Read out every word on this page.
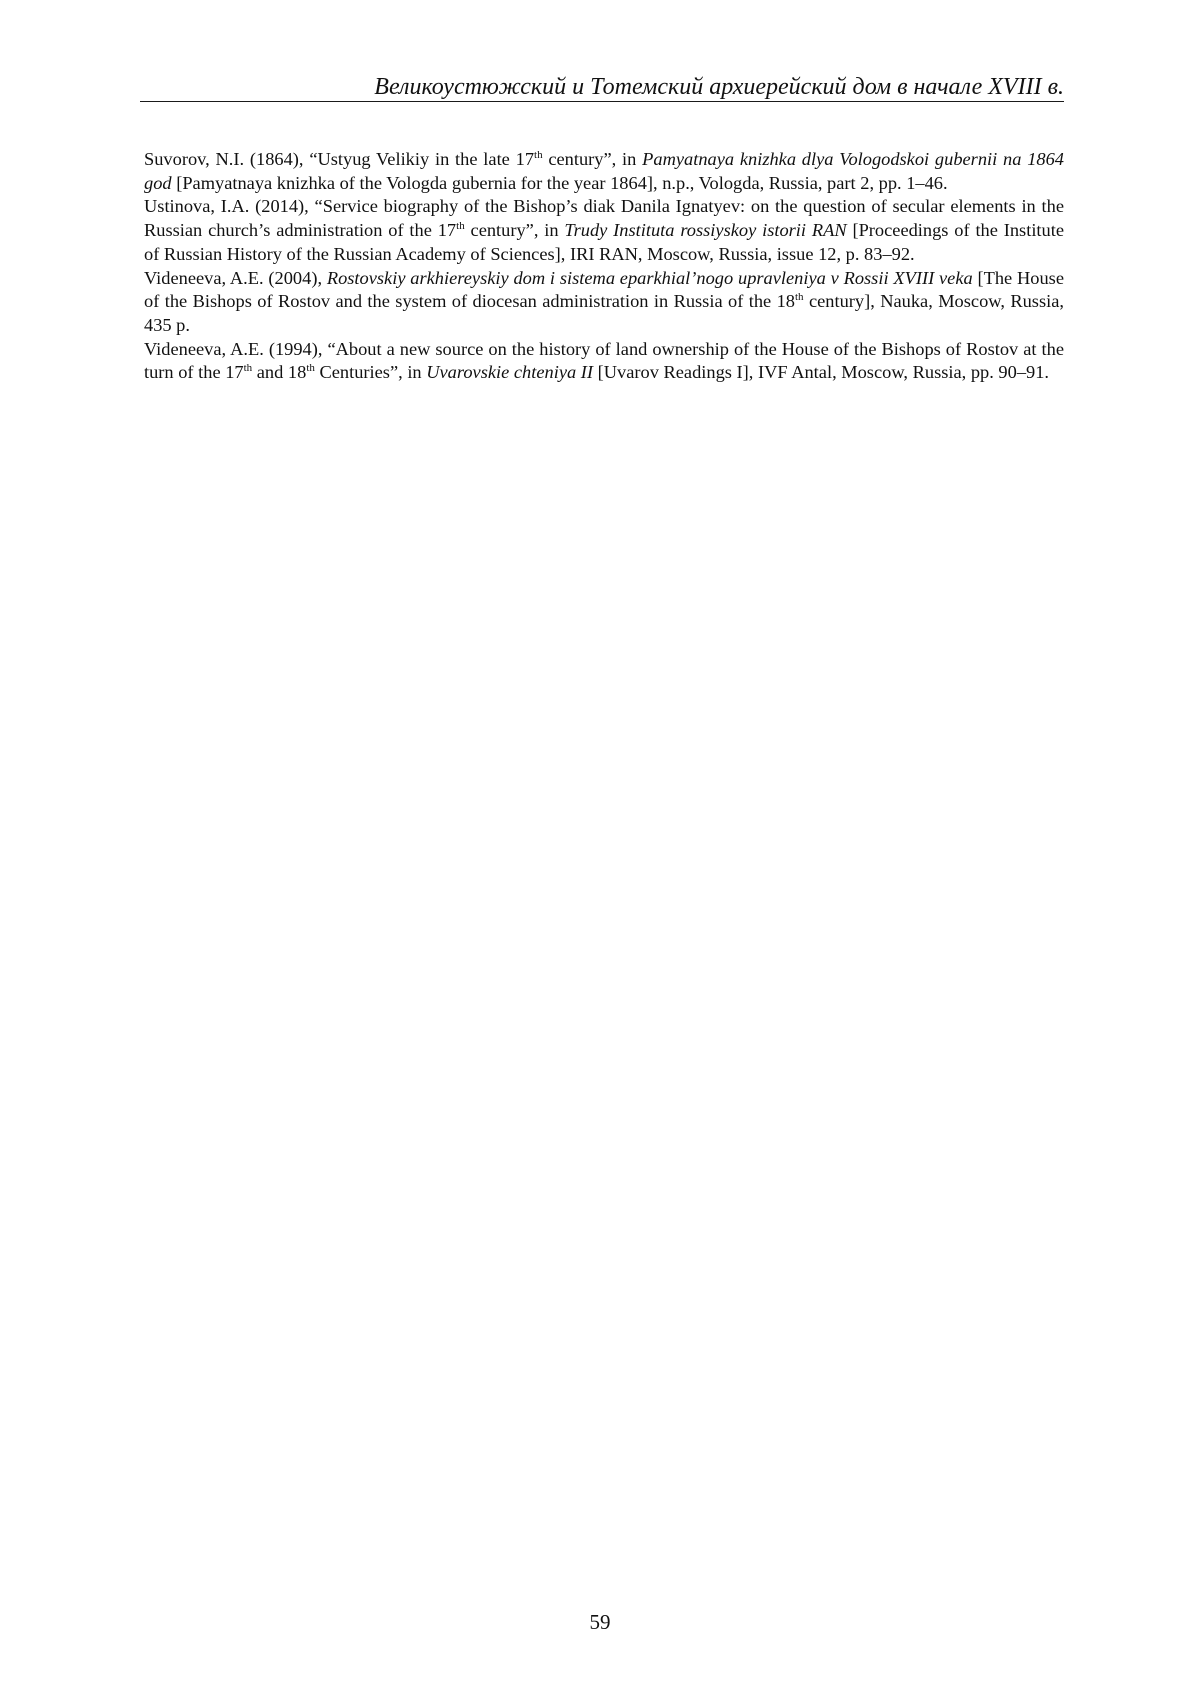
Великоустюжский и Тотемский архиерейский дом в начале XVIII в.

Suvorov, N.I. (1864), “Ustyug Velikiy in the late 17th century”, in Pamyatnaya knizhka dlya Vologodskoi gubernii na 1864 god [Pamyatnaya knizhka of the Vologda gubernia for the year 1864], n.p., Vologda, Russia, part 2, pp. 1–46.

Ustinova, I.A. (2014), “Service biography of the Bishop’s diak Danila Ignatyev: on the question of secular elements in the Russian church’s administration of the 17th century”, in Trudy Instituta rossiyskoy istorii RAN [Proceedings of the Institute of Russian History of the Russian Academy of Sciences], IRI RAN, Moscow, Russia, issue 12, p. 83–92.

Videneeva, A.E. (2004), Rostovskiy arkhiereyskiy dom i sistema eparkhial’nogo upravleniya v Rossii XVIII veka [The House of the Bishops of Rostov and the system of diocesan administration in Russia of the 18th century], Nauka, Moscow, Russia, 435 p.

Videneeva, A.E. (1994), “About a new source on the history of land ownership of the House of the Bishops of Rostov at the turn of the 17th and 18th Centuries”, in Uvarovskie chteniya II [Uvarov Readings I], IVF Antal, Moscow, Russia, pp. 90–91.

59
